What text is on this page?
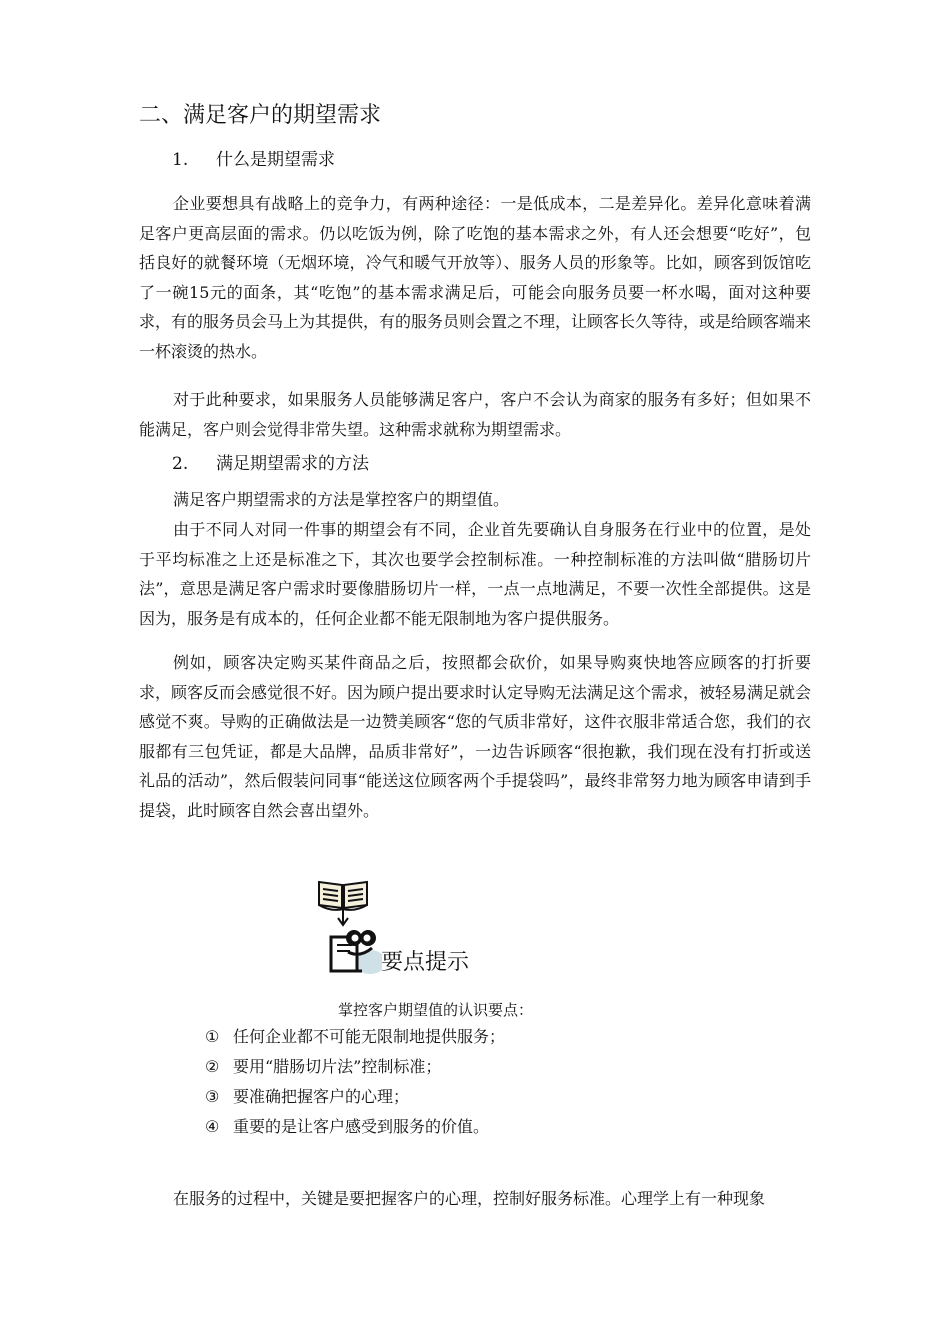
二、满足客户的期望需求
1. 什么是期望需求

企业要想具有战略上的竞争力，有两种途径：一是低成本，二是差异化。差异化意味着满足客户更高层面的需求。仍以吃饭为例，除了吃饱的基本需求之外，有人还会想要“吃好”，包括良好的就餐环境（无烟环境，冷气和暖气开放等）、服务人员的形象等。比如，顾客到饭馆吃了一碗15元的面条，其“吃饱”的基本需求满足后，可能会向服务员要一杯水喝，面对这种要求，有的服务员会马上为其提供，有的服务员则会置之不理，让顾客长久等待，或是给顾客端来一杯滚烫的热水。

对于此种要求，如果服务人员能够满足客户，客户不会认为商家的服务有多好；但如果不能满足，客户则会觉得非常失望。这种需求就称为期望需求。

2. 满足期望需求的方法

满足客户期望需求的方法是掌控客户的期望值。

由于不同人对同一件事的期望会有不同，企业首先要确认自身服务在行业中的位置，是处于平均标准之上还是标准之下，其次也要学会控制标准。一种控制标准的方法叫做“腊肠切片法”，意思是满足客户需求时要像腊肠切片一样，一点一点地满足，不要一次性全部提供。这是因为，服务是有成本的，任何企业都不能无限制地为客户提供服务。

例如，顾客决定购买某件商品之后，按照都会砍价，如果导购爽快地答应顾客的打折要求，顾客反而会感觉很不好。因为顾户提出要求时认定导购无法满足这个需求，被轻易满足就会感觉不爽。导购的正确做法是一边赞美顾客“您的气质非常好，这件衣服非常适合您，我们的衣服都有三包凭证，都是大品牌，品质非常好”，一边告诉顾客“很抱歉，我们现在没有打折或送礼品的活动”，然后假装问同事“能送这位顾客两个手提袋吗”，最终非常努力地为顾客申请到手提袋，此时顾客自然会喜出望外。

要点提示
掌控客户期望值的认识要点：
① 任何企业都不可能无限制地提供服务；
② 要用“腊肠切片法”控制标准；
③ 要准确把握客户的心理；
④ 重要的是让客户感受到服务的价值。

在服务的过程中，关键是要把握客户的心理，控制好服务标准。心理学上有一种现象
